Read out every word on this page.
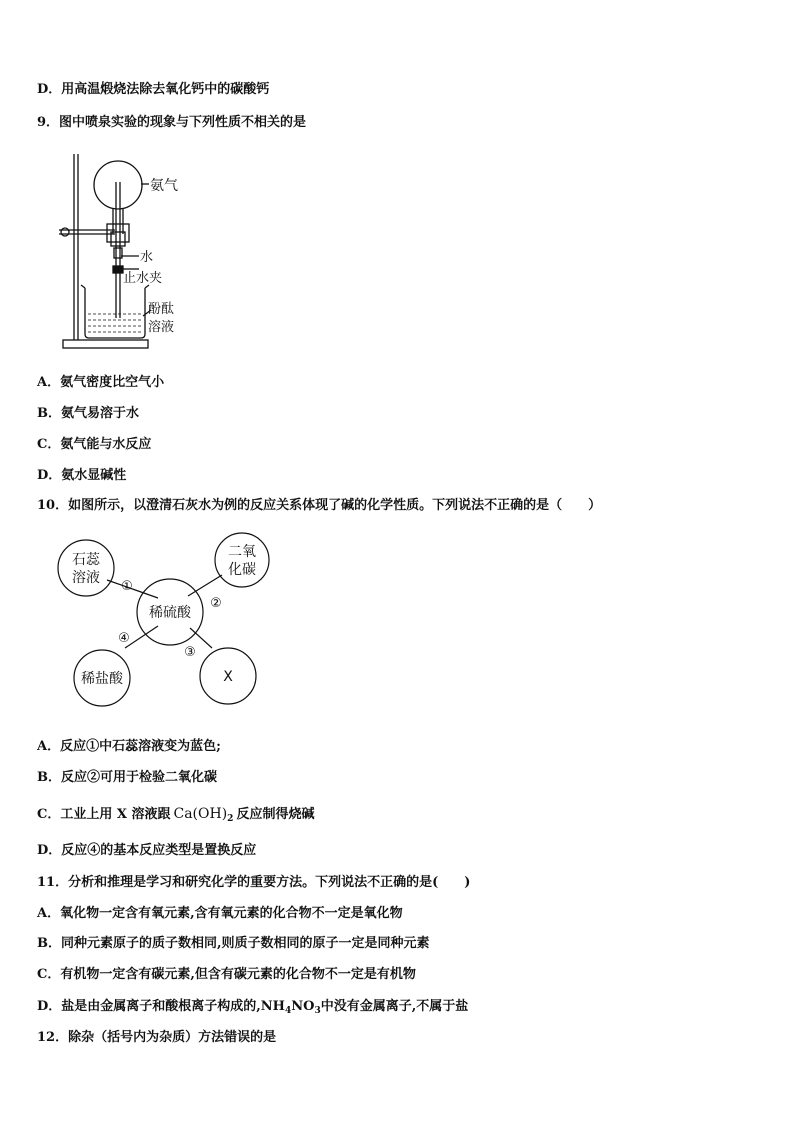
D．用高温煅烧法除去氧化钙中的碳酸钙
9．图中喷泉实验的现象与下列性质不相关的是
氨气
水
止水夹
酚酞
溶液
A．氨气密度比空气小
B．氨气易溶于水
C．氨气能与水反应
D．氨水显碱性
10．如图所示，以澄清石灰水为例的反应关系体现了碱的化学性质。下列说法不正确的是（　　）
石蕊
溶液
二氧
化碳
稀硫酸
稀盐酸	X
①
②
③
④
A．反应①中石蕊溶液变为蓝色;
B．反应②可用于检验二氧化碳
C．工业上用 X 溶液跟 $Ca(OH)_2$ 反应制得烧碱
D．反应④的基本反应类型是置换反应
11．分析和推理是学习和研究化学的重要方法。下列说法不正确的是(　　)
A．氧化物一定含有氧元素,含有氧元素的化合物不一定是氧化物
B．同种元素原子的质子数相同,则质子数相同的原子一定是同种元素
C．有机物一定含有碳元素,但含有碳元素的化合物不一定是有机物
D．盐是由金属离子和酸根离子构成的$,NH_4NO_3$中没有金属离子,不属于盐
12．除杂（括号内为杂质）方法错误的是
